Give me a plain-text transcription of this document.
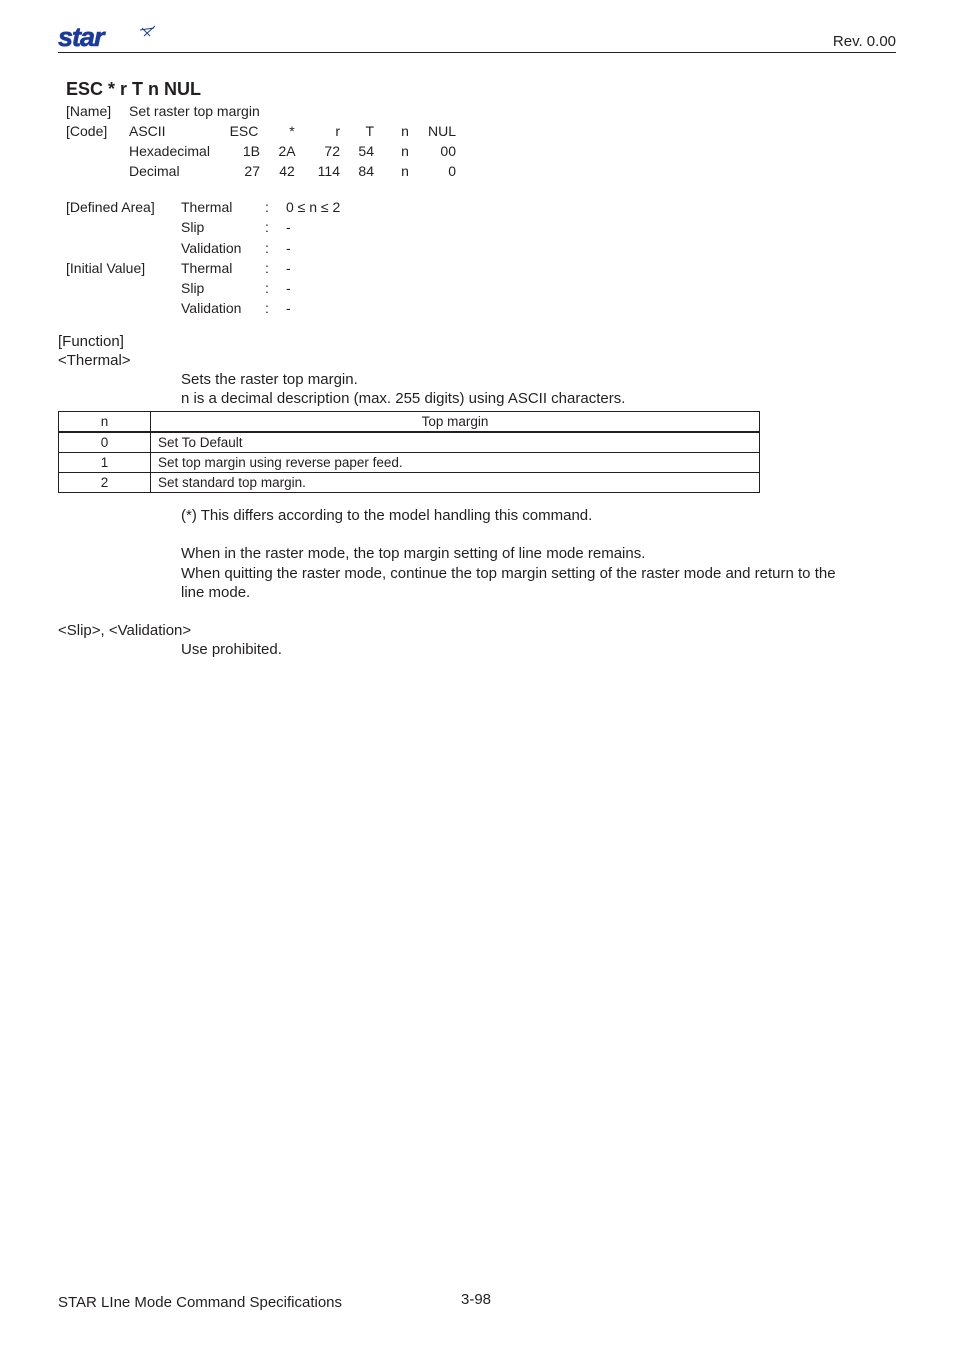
star	Rev. 0.00
ESC * r T n NUL
[Name] Set raster top margin
[Code] ASCII	ESC	*	r	T	n	NUL
Hexadecimal	1B	2A	72	54	n	00
Decimal	27	42	114	84	n	0
[Defined Area] Thermal : 0 ≤ n ≤ 2
Slip	: -
Validation : -
[Initial Value]	Thermal : -
Slip	: -
Validation : -
[Function]
<Thermal>
Sets the raster top margin.
n is a decimal description (max. 255 digits) using ASCII characters.
n	Top margin
0	Set To Default
1	Set top margin using reverse paper feed.
2	Set standard top margin.
(*) This differs according to the model handling this command.
When in the raster mode, the top margin setting of line mode remains.
When quitting the raster mode, continue the top margin setting of the raster mode and return to the
line mode.
<Slip>, <Validation>
Use prohibited.
STAR LIne Mode Command Specifications	3-98
